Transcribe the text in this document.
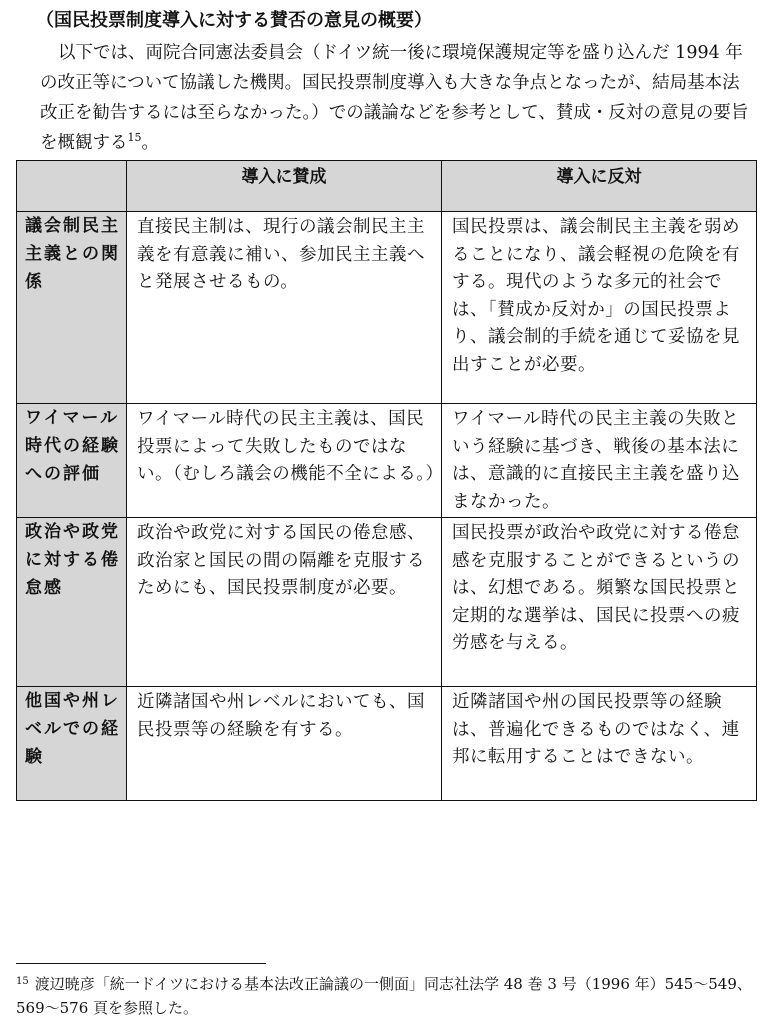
（国民投票制度導入に対する賛否の意見の概要）

以下では、両院合同憲法委員会（ドイツ統一後に環境保護規定等を盛り込んだ 1994 年の改正等について協議した機関。国民投票制度導入も大きな争点となったが、結局基本法改正を勧告するには至らなかった。）での議論などを参考として、賛成・反対の意見の要旨を概観する$^{15}$。

	導入に賛成	導入に反対
議会制民主主義との関係	直接民主制は、現行の議会制民主主義を有意義に補い、参加民主主義へと発展させるもの。	国民投票は、議会制民主主義を弱めることになり、議会軽視の危険を有する。現代のような多元的社会では、「賛成か反対か」の国民投票より、議会制的手続を通じて妥協を見出すことが必要。
ワイマール時代の経験への評価	ワイマール時代の民主主義は、国民投票によって失敗したものではない。（むしろ議会の機能不全による。）	ワイマール時代の民主主義の失敗という経験に基づき、戦後の基本法には、意識的に直接民主主義を盛り込まなかった。
政治や政党に対する倦怠感	政治や政党に対する国民の倦怠感、政治家と国民の間の隔離を克服するためにも、国民投票制度が必要。	国民投票が政治や政党に対する倦怠感を克服することができるというのは、幻想である。頻繁な国民投票と定期的な選挙は、国民に投票への疲労感を与える。
他国や州レベルでの経験	近隣諸国や州レベルにおいても、国民投票等の経験を有する。	近隣諸国や州の国民投票等の経験は、普遍化できるものではなく、連邦に転用することはできない。
$^{15}$ 渡辺暁彦「統一ドイツにおける基本法改正論議の一側面」同志社法学 48 巻 3 号（1996 年）545〜549、569〜576 頁を参照した。
